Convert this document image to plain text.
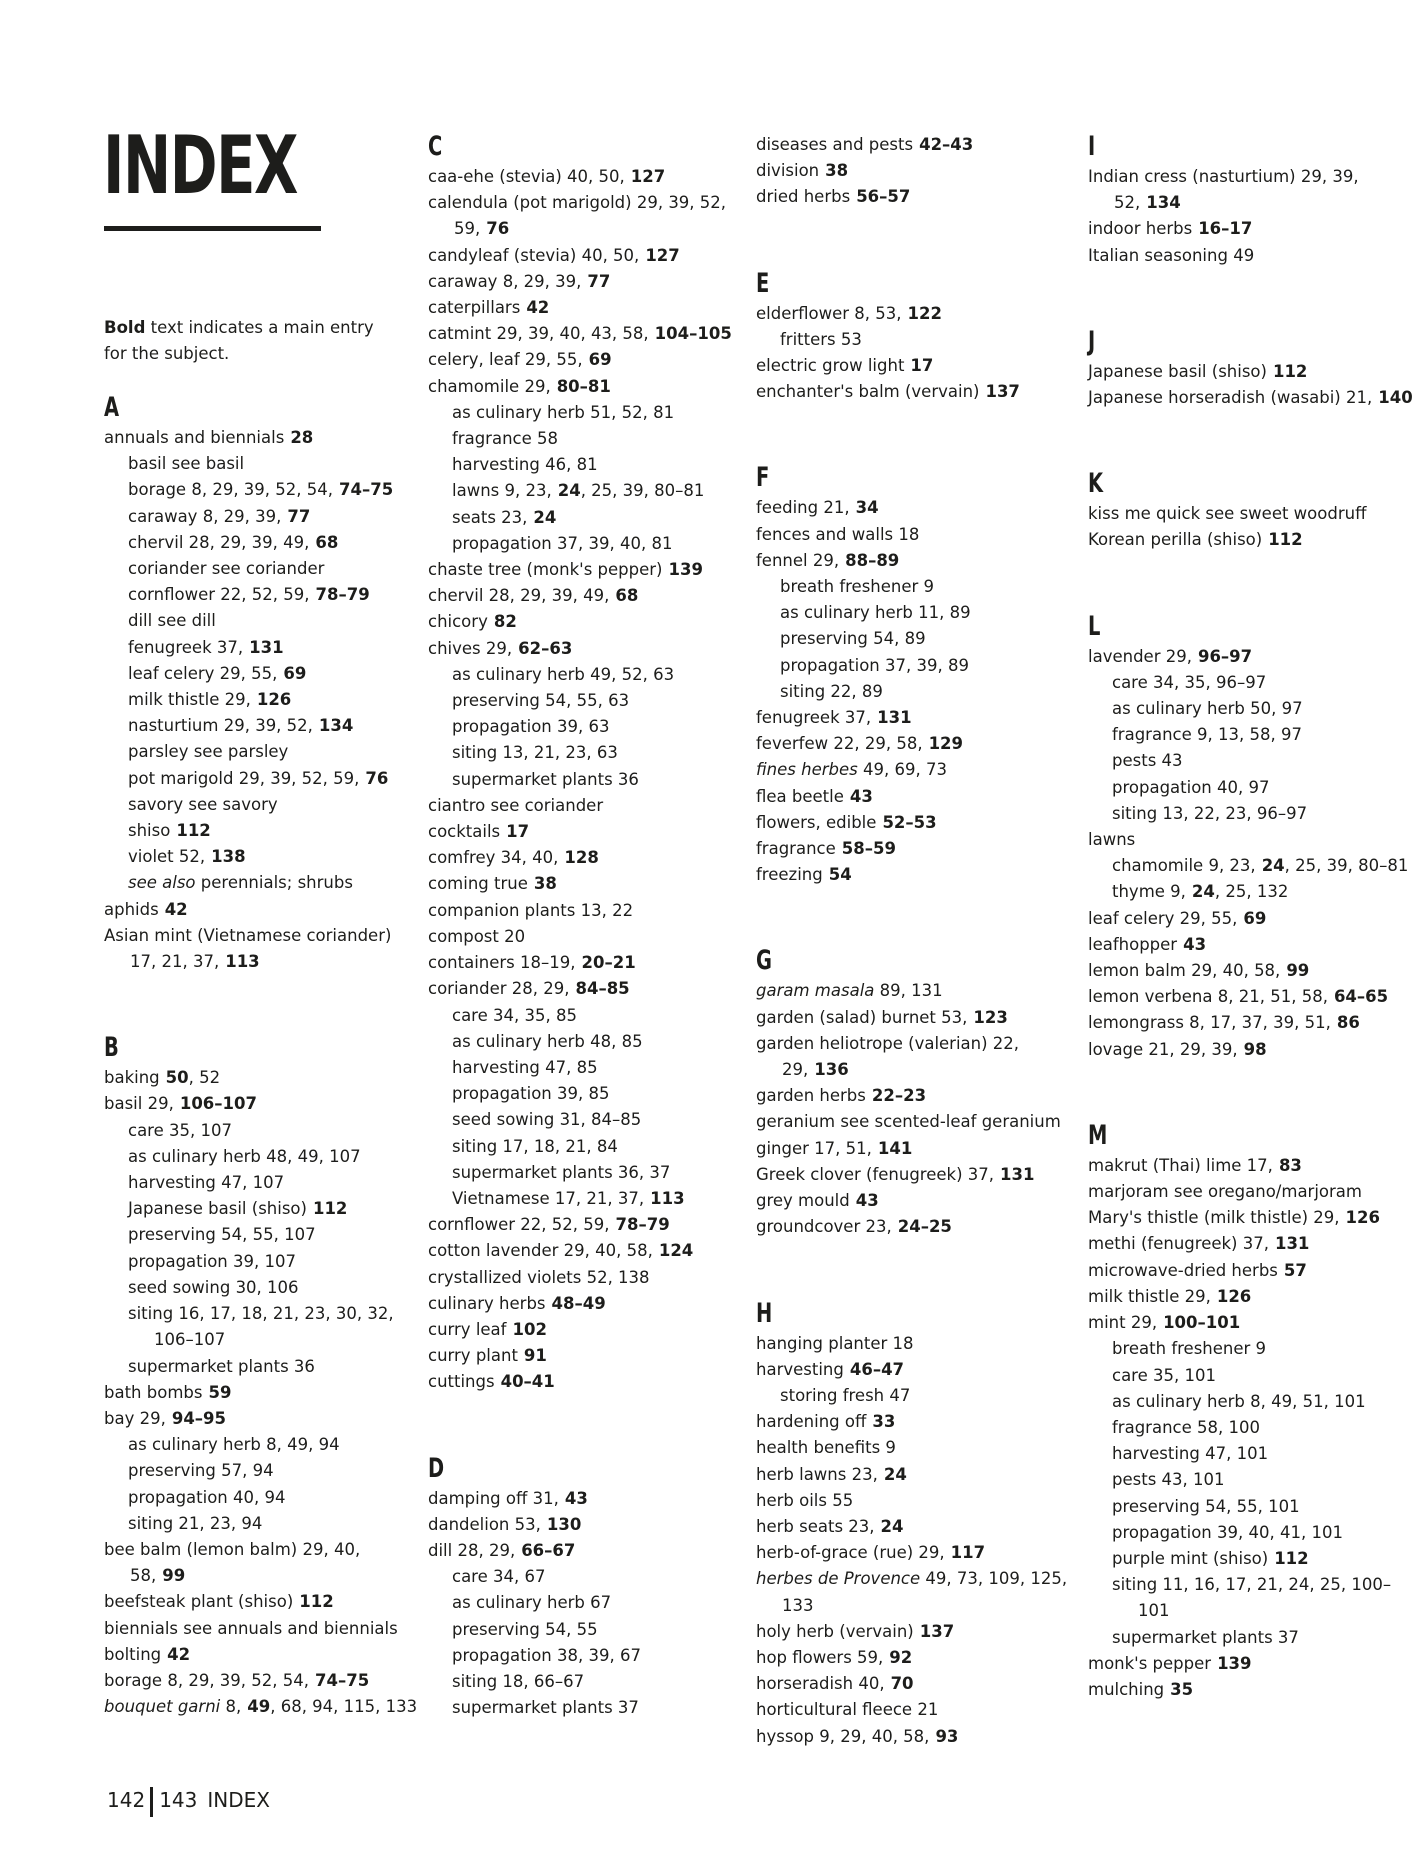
INDEX

Bold text indicates a main entry for the subject.

A
annuals and biennials 28
basil see basil
borage 8, 29, 39, 52, 54, 74–75
caraway 8, 29, 39, 77
chervil 28, 29, 39, 49, 68
coriander see coriander
cornflower 22, 52, 59, 78–79
dill see dill
fenugreek 37, 131
leaf celery 29, 55, 69
milk thistle 29, 126
nasturtium 29, 39, 52, 134
parsley see parsley
pot marigold 29, 39, 52, 59, 76
savory see savory
shiso 112
violet 52, 138
see also perennials; shrubs
aphids 42
Asian mint (Vietnamese coriander) 17, 21, 37, 113
B
baking 50, 52
basil 29, 106–107
care 35, 107
as culinary herb 48, 49, 107
harvesting 47, 107
Japanese basil (shiso) 112
preserving 54, 55, 107
propagation 39, 107
seed sowing 30, 106
siting 16, 17, 18, 21, 23, 30, 32, 106–107
supermarket plants 36
bath bombs 59
bay 29, 94–95
as culinary herb 8, 49, 94
preserving 57, 94
propagation 40, 94
siting 21, 23, 94
bee balm (lemon balm) 29, 40, 58, 99
beefsteak plant (shiso) 112
biennials see annuals and biennials
bolting 42
borage 8, 29, 39, 52, 54, 74–75
bouquet garni 8, 49, 68, 94, 115, 133
C
caa-ehe (stevia) 40, 50, 127
calendula (pot marigold) 29, 39, 52, 59, 76
candyleaf (stevia) 40, 50, 127
caraway 8, 29, 39, 77
caterpillars 42
catmint 29, 39, 40, 43, 58, 104–105
celery, leaf 29, 55, 69
chamomile 29, 80–81
as culinary herb 51, 52, 81
fragrance 58
harvesting 46, 81
lawns 9, 23, 24, 25, 39, 80–81
seats 23, 24
propagation 37, 39, 40, 81
chaste tree (monk's pepper) 139
chervil 28, 29, 39, 49, 68
chicory 82
chives 29, 62–63
as culinary herb 49, 52, 63
preserving 54, 55, 63
propagation 39, 63
siting 13, 21, 23, 63
supermarket plants 36
ciantro see coriander
cocktails 17
comfrey 34, 40, 128
coming true 38
companion plants 13, 22
compost 20
containers 18–19, 20–21
coriander 28, 29, 84–85
care 34, 35, 85
as culinary herb 48, 85
harvesting 47, 85
propagation 39, 85
seed sowing 31, 84–85
siting 17, 18, 21, 84
supermarket plants 36, 37
Vietnamese 17, 21, 37, 113
cornflower 22, 52, 59, 78–79
cotton lavender 29, 40, 58, 124
crystallized violets 52, 138
culinary herbs 48–49
curry leaf 102
curry plant 91
cuttings 40–41
D
damping off 31, 43
dandelion 53, 130
dill 28, 29, 66–67
care 34, 67
as culinary herb 67
preserving 54, 55
propagation 38, 39, 67
siting 18, 66–67
supermarket plants 37
diseases and pests 42–43
division 38
dried herbs 56–57
E
elderflower 8, 53, 122
fritters 53
electric grow light 17
enchanter's balm (vervain) 137
F
feeding 21, 34
fences and walls 18
fennel 29, 88–89
breath freshener 9
as culinary herb 11, 89
preserving 54, 89
propagation 37, 39, 89
siting 22, 89
fenugreek 37, 131
feverfew 22, 29, 58, 129
fines herbes 49, 69, 73
flea beetle 43
flowers, edible 52–53
fragrance 58–59
freezing 54
G
garam masala 89, 131
garden (salad) burnet 53, 123
garden heliotrope (valerian) 22, 29, 136
garden herbs 22–23
geranium see scented-leaf geranium
ginger 17, 51, 141
Greek clover (fenugreek) 37, 131
grey mould 43
groundcover 23, 24–25
H
hanging planter 18
harvesting 46–47
storing fresh 47
hardening off 33
health benefits 9
herb lawns 23, 24
herb oils 55
herb seats 23, 24
herb-of-grace (rue) 29, 117
herbes de Provence 49, 73, 109, 125, 133
holy herb (vervain) 137
hop flowers 59, 92
horseradish 40, 70
horticultural fleece 21
hyssop 9, 29, 40, 58, 93
I
Indian cress (nasturtium) 29, 39, 52, 134
indoor herbs 16–17
Italian seasoning 49
J
Japanese basil (shiso) 112
Japanese horseradish (wasabi) 21, 140
K
kiss me quick see sweet woodruff
Korean perilla (shiso) 112
L
lavender 29, 96–97
care 34, 35, 96–97
as culinary herb 50, 97
fragrance 9, 13, 58, 97
pests 43
propagation 40, 97
siting 13, 22, 23, 96–97
lawns
chamomile 9, 23, 24, 25, 39, 80–81
thyme 9, 24, 25, 132
leaf celery 29, 55, 69
leafhopper 43
lemon balm 29, 40, 58, 99
lemon verbena 8, 21, 51, 58, 64–65
lemongrass 8, 17, 37, 39, 51, 86
lovage 21, 29, 39, 98
M
makrut (Thai) lime 17, 83
marjoram see oregano/marjoram
Mary's thistle (milk thistle) 29, 126
methi (fenugreek) 37, 131
microwave-dried herbs 57
milk thistle 29, 126
mint 29, 100–101
breath freshener 9
care 35, 101
as culinary herb 8, 49, 51, 101
fragrance 58, 100
harvesting 47, 101
pests 43, 101
preserving 54, 55, 101
propagation 39, 40, 41, 101
purple mint (shiso) 112
siting 11, 16, 17, 21, 24, 25, 100–101
supermarket plants 37
monk's pepper 139
mulching 35
142 143 INDEX
